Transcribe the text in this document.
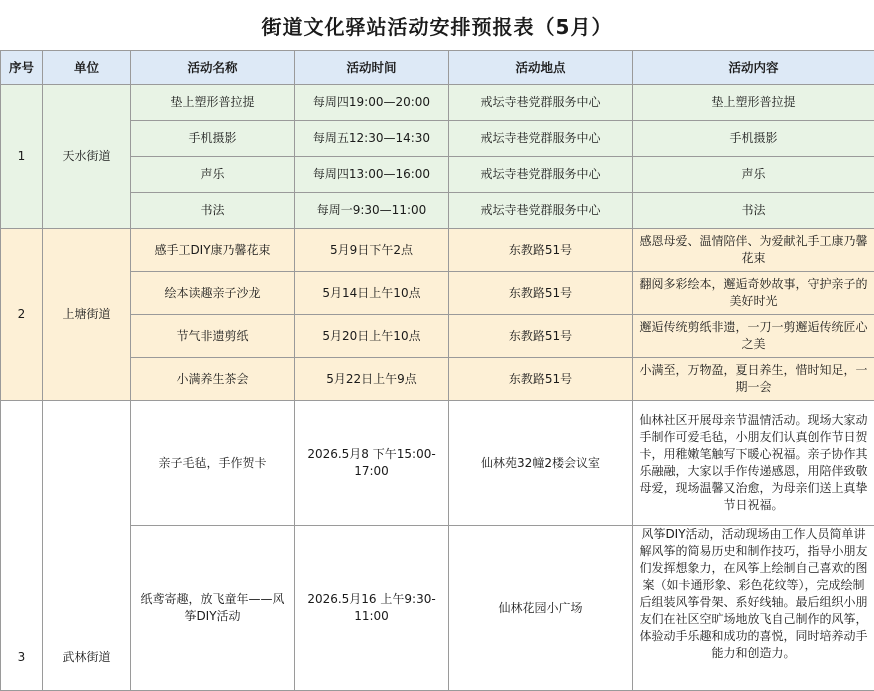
街道文化驿站活动安排预报表（5月）
序号	单位	活动名称	活动时间	活动地点	活动内容
1	天水街道	垫上塑形普拉提	每周四19:00—20:00	戒坛寺巷党群服务中心	垫上塑形普拉提
		手机摄影	每周五12:30—14:30	戒坛寺巷党群服务中心	手机摄影
		声乐	每周四13:00—16:00	戒坛寺巷党群服务中心	声乐
		书法	每周一9:30—11:00	戒坛寺巷党群服务中心	书法
2	上塘街道	感手工DIY康乃馨花束	5月9日下午2点	东教路51号	感恩母爱、温情陪伴、为爱献礼手工康乃馨花束
		绘本读趣亲子沙龙	5月14日上午10点	东教路51号	翻阅多彩绘本，邂逅奇妙故事，守护亲子的美好时光
		节气非遗剪纸	5月20日上午10点	东教路51号	邂逅传统剪纸非遗，一刀一剪邂逅传统匠心之美
		小满养生茶会	5月22日上午9点	东教路51号	小满至，万物盈，夏日养生，惜时知足，一期一会
3	武林街道	亲子毛毡，手作贺卡	2026.5月8 下午15:00-17:00	仙林苑32幢2楼会议室	仙林社区开展母亲节温情活动。现场大家动手制作可爱毛毡，小朋友们认真创作节日贺卡，用稚嫩笔触写下暖心祝福。亲子协作其乐融融，大家以手作传递感恩，用陪伴致敬母爱，现场温馨又治愈，为母亲们送上真挚节日祝福。
		纸鸢寄趣，放飞童年——风筝DIY活动	2026.5月16 上午9:30-11:00	仙林花园小广场	风筝DIY活动，活动现场由工作人员简单讲解风筝的简易历史和制作技巧，指导小朋友们发挥想象力，在风筝上绘制自己喜欢的图案（如卡通形象、彩色花纹等），完成绘制后组装风筝骨架、系好线轴。最后组织小朋友们在社区空旷场地放飞自己制作的风筝，体验动手乐趣和成功的喜悦，同时培养动手能力和创造力。
